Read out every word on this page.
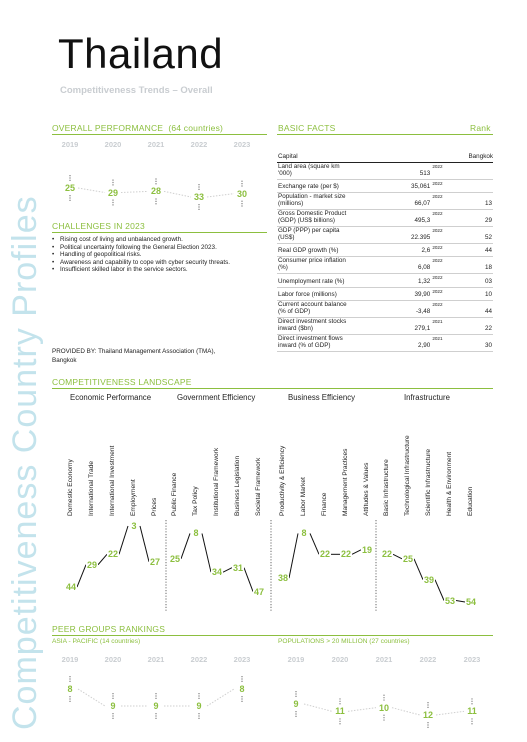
Competitiveness Country Profiles
Thailand
Competitiveness Trends – Overall
OVERALL PERFORMANCE (64 countries)
2019	2020	2021	2022	2023
25	29	28
33	30
CHALLENGES IN 2023
• Rising cost of living and unbalanced growth.
• Political uncertainty following the General Election 2023.
• Handling of geopolitical risks.
• Awareness and capability to cope with cyber security threats.
• Insufficient skilled labor in the service sectors.
PROVIDED BY: Thailand Management Association (TMA),
Bangkok
BASIC FACTS	Rank
Capital	Bangkok		
Land area (square km '000)	513	2022	
Exchange rate (per $)	35,061	2022	
Population - market size (millions)	66,07	2022	13
Gross Domestic Product (GDP) (US$ billions)	495,3	2022	29
GDP (PPP) per capita (US$)	22.395	2022	52
Real GDP growth (%)	2,6	2022	44
Consumer price inflation (%)	6,08	2022	18
Unemployment rate (%)	1,32	2022	03
Labor force (millions)	39,90	2022	10
Current account balance (% of GDP)	-3,48	2022	44
Direct investment stocks inward ($bn)	279,1	2021	22
Direct investment flows inward (% of GDP)	2,90	2021	30
COMPETITIVENESS LANDSCAPE
Economic Performance
Domestic Economy International Trade International Investment Employment Prices
44
29
22
3
27
Government Efficiency
Public Finance Tax Policy Institutional Framework Business Legislation Societal Framework
25
8
34 31
47
Business Efficiency
Productivity & Efficiency Labor Market Finance Management Practices Attitudes & Values
38
8
22 22 19
Infrastructure
Basic Infrastructure Technological Infrastructure Scientific Infrastructure Health & Environment Education
22 25
39
53 54
PEER GROUPS RANKINGS
ASIA - PACIFIC (14 countries)	POPULATIONS > 20 MILLION (27 countries)
2019	2020	2021	2022	2023
8
9	9	9
8
2019	2020	2021	2022	2023
9
11	10
12	11
